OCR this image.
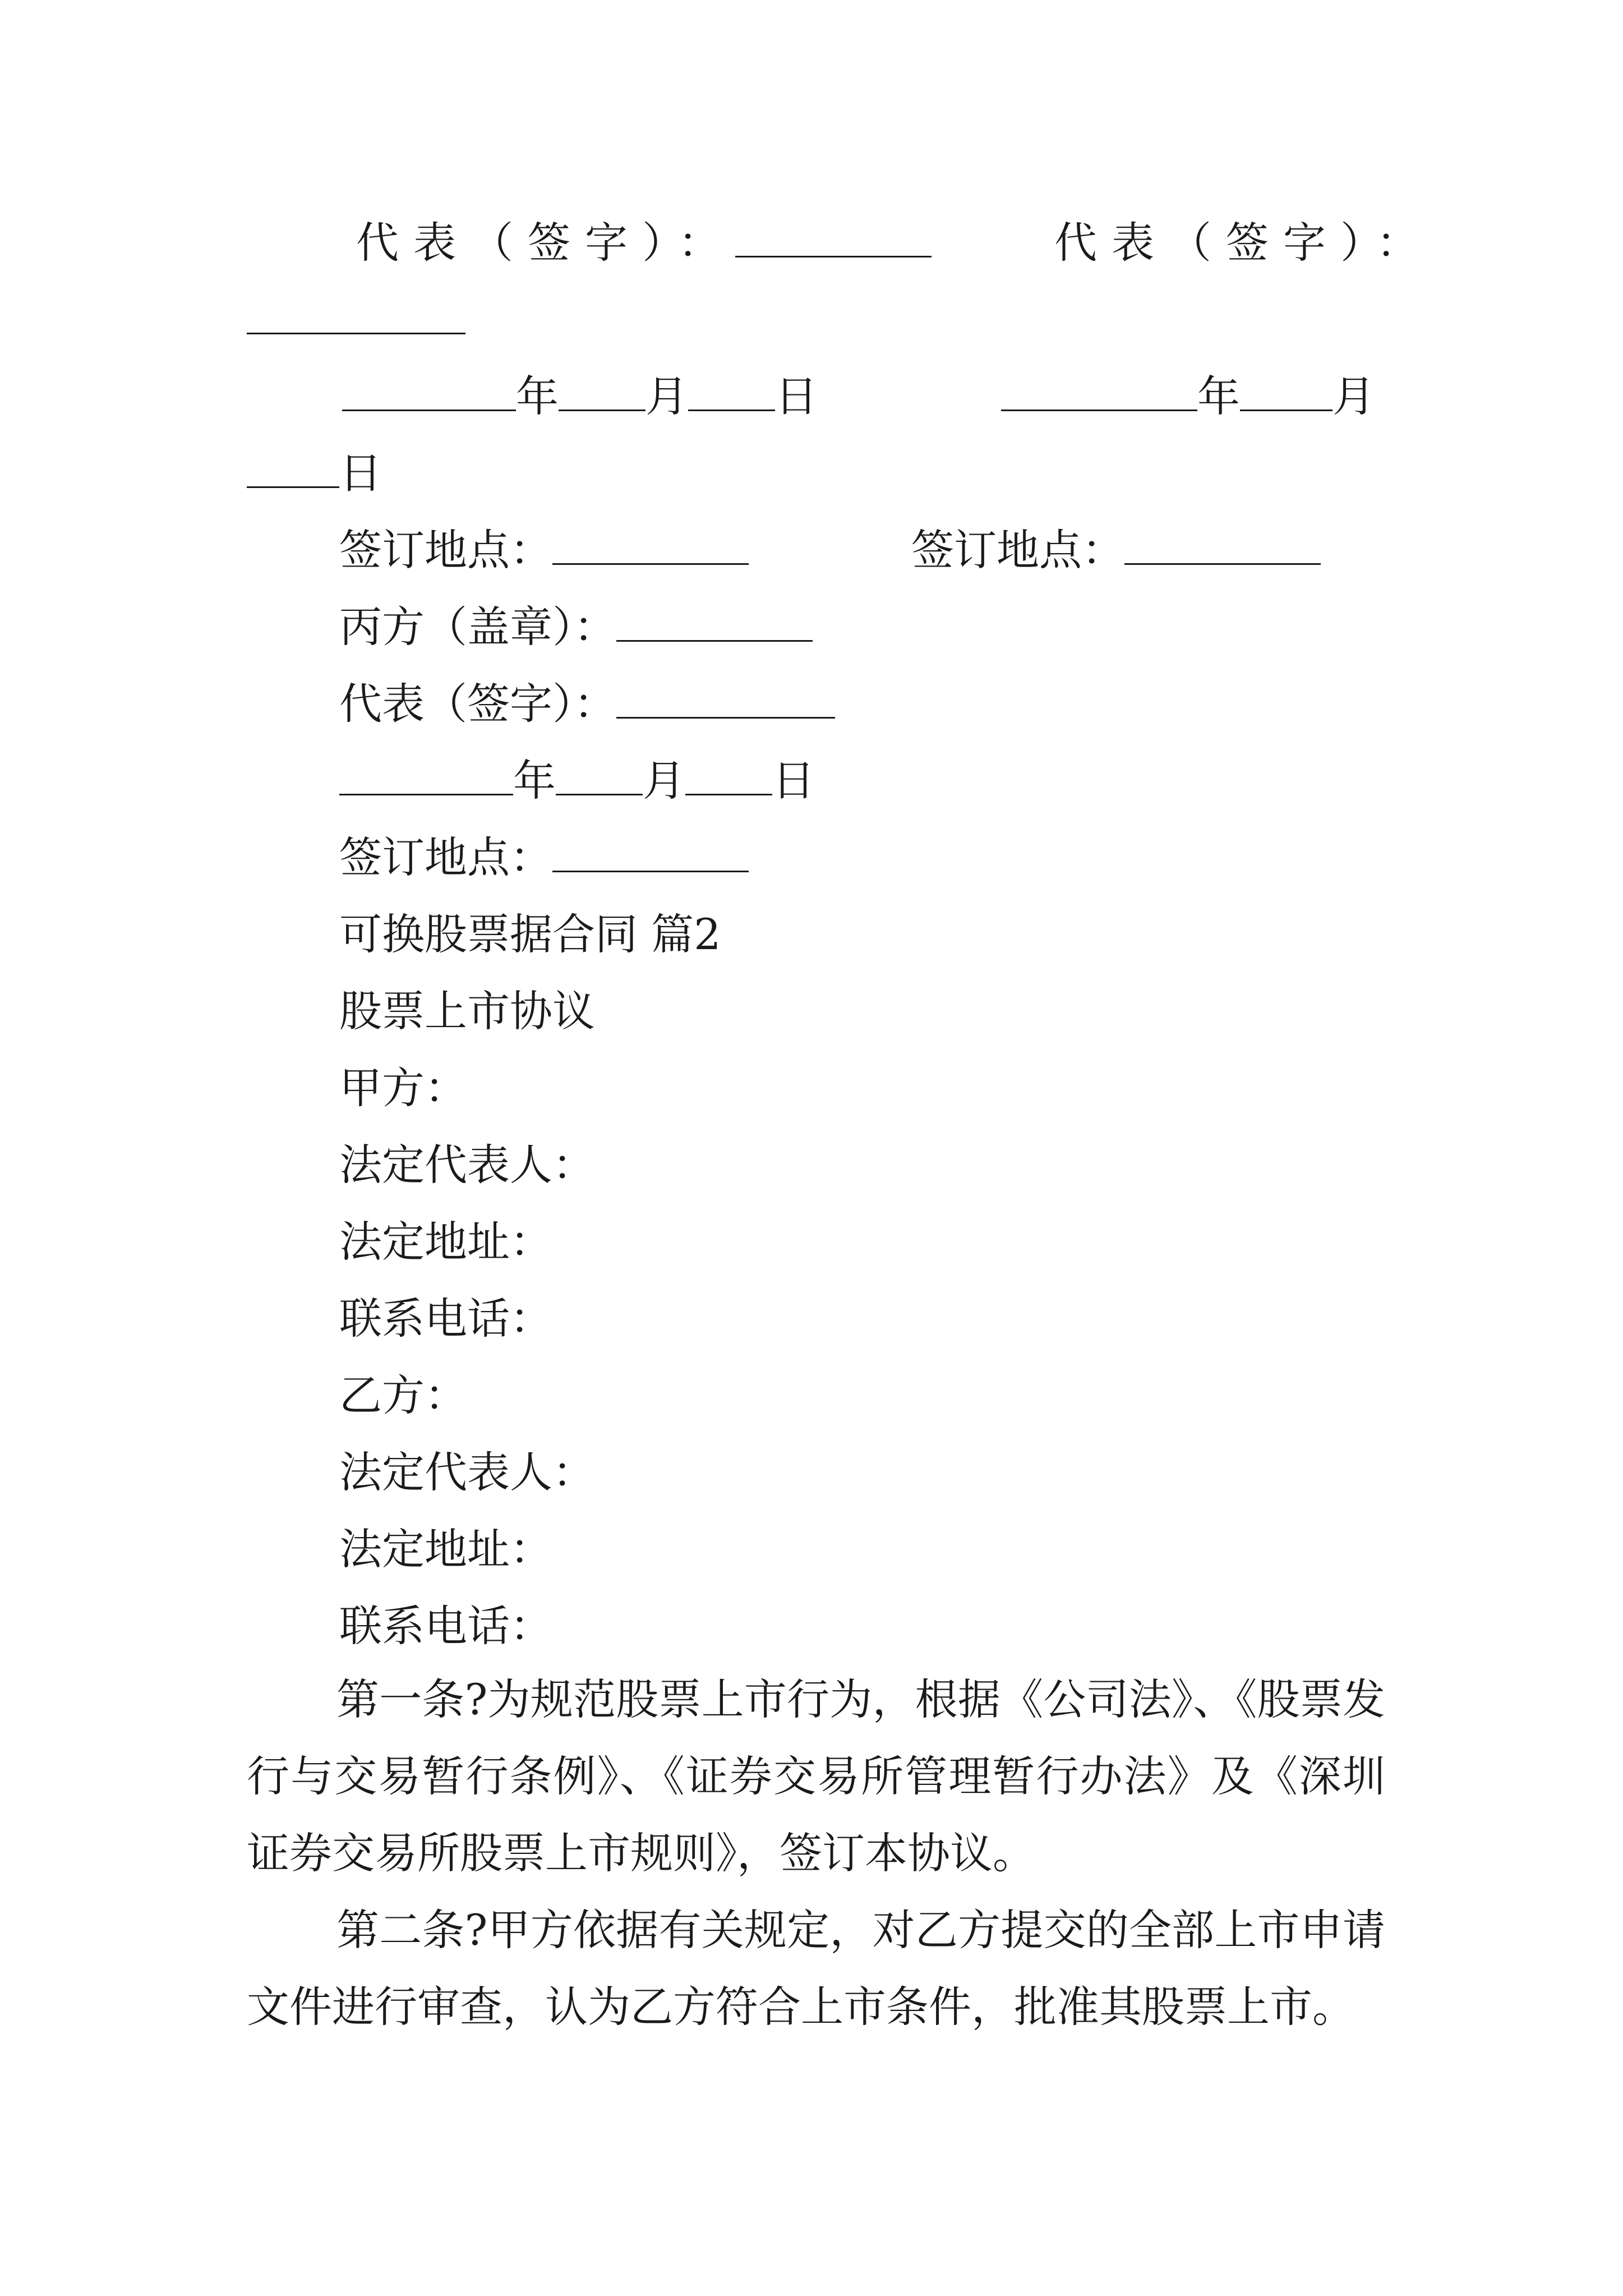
代表（签字）：	代表（签字）：
年 月 日	年 月
日
签订地点：	签订地点：
丙方（盖章）：
代表（签字）：
年 月 日
签订地点：
可换股票据合同 篇2
股票上市协议
甲方：
法定代表人：
法定地址：
联系电话：
乙方：
法定代表人：
法定地址：
联系电话：

第一条?为规范股票上市行为，根据《公司法》、《股票发行与交易暂行条例》、《证券交易所管理暂行办法》及《深圳证券交易所股票上市规则》，签订本协议。

第二条?甲方依据有关规定，对乙方提交的全部上市申请文件进行审查，认为乙方符合上市条件，批准其股票上市。
